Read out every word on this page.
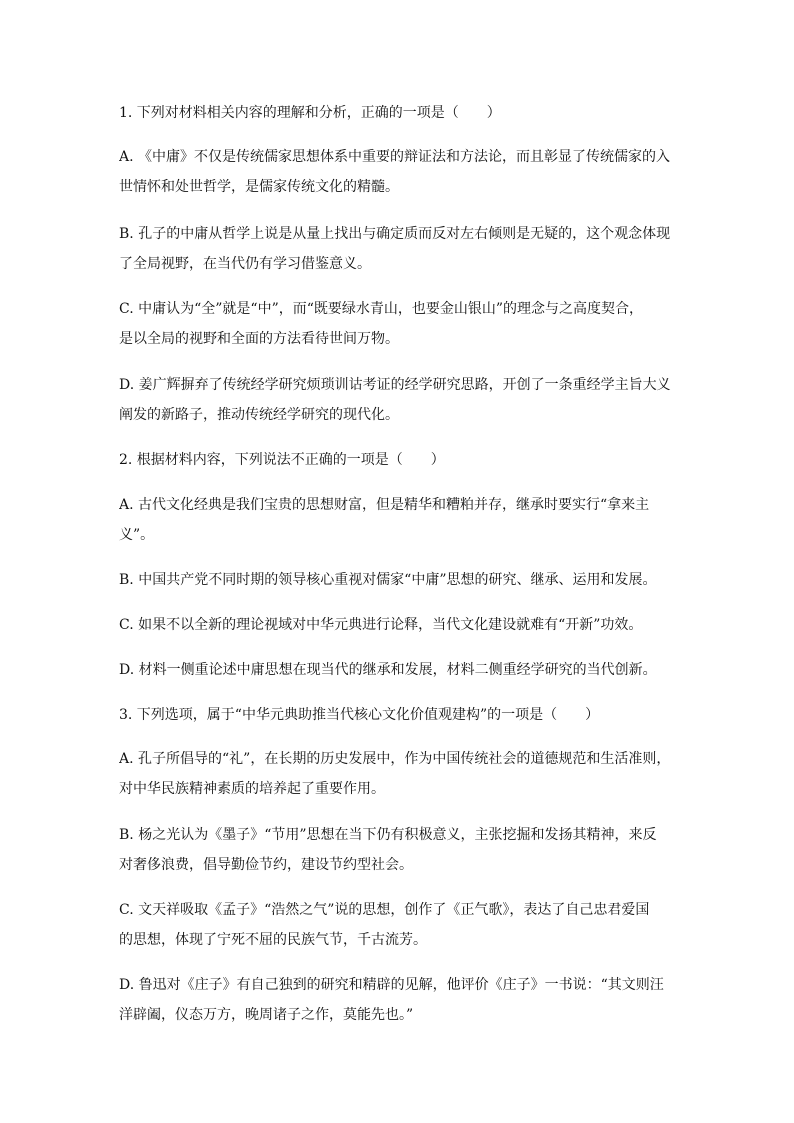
1. 下列对材料相关内容的理解和分析，正确的一项是（　　）
A. 《中庸》不仅是传统儒家思想体系中重要的辩证法和方法论，而且彰显了传统儒家的入
世情怀和处世哲学，是儒家传统文化的精髓。
B. 孔子的中庸从哲学上说是从量上找出与确定质而反对左右倾则是无疑的，这个观念体现
了全局视野，在当代仍有学习借鉴意义。
C. 中庸认为“全”就是“中”，而“既要绿水青山，也要金山银山”的理念与之高度契合，
是以全局的视野和全面的方法看待世间万物。
D. 姜广辉摒弃了传统经学研究烦琐训诂考证的经学研究思路，开创了一条重经学主旨大义
阐发的新路子，推动传统经学研究的现代化。
2. 根据材料内容，下列说法不正确的一项是（　　）
A. 古代文化经典是我们宝贵的思想财富，但是精华和糟粕并存，继承时要实行“拿来主
义”。
B. 中国共产党不同时期的领导核心重视对儒家“中庸”思想的研究、继承、运用和发展。
C. 如果不以全新的理论视域对中华元典进行论释，当代文化建设就难有“开新”功效。
D. 材料一侧重论述中庸思想在现当代的继承和发展，材料二侧重经学研究的当代创新。
3. 下列选项，属于“中华元典助推当代核心文化价值观建构”的一项是（　　）
A. 孔子所倡导的“礼”，在长期的历史发展中，作为中国传统社会的道德规范和生活准则，
对中华民族精神素质的培养起了重要作用。
B. 杨之光认为《墨子》“节用”思想在当下仍有积极意义，主张挖掘和发扬其精神，来反
对奢侈浪费，倡导勤俭节约，建设节约型社会。
C. 文天祥吸取《孟子》“浩然之气”说的思想，创作了《正气歌》，表达了自己忠君爱国
的思想，体现了宁死不屈的民族气节，千古流芳。
D. 鲁迅对《庄子》有自己独到的研究和精辟的见解，他评价《庄子》一书说：“其文则汪
洋辟阖，仪态万方，晚周诸子之作，莫能先也。”
